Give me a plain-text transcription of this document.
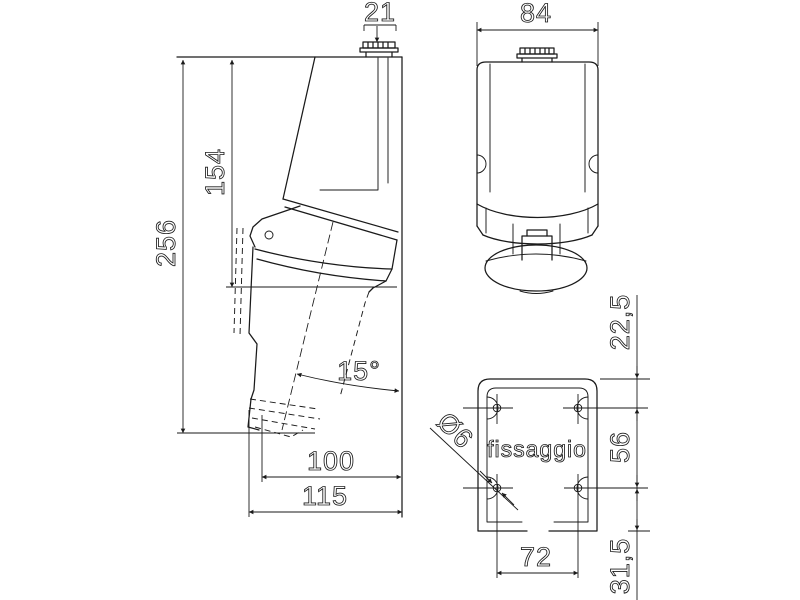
256
154
21
100
115
15°
84
fissaggio
Ø6
22,5
56
31,5
72
